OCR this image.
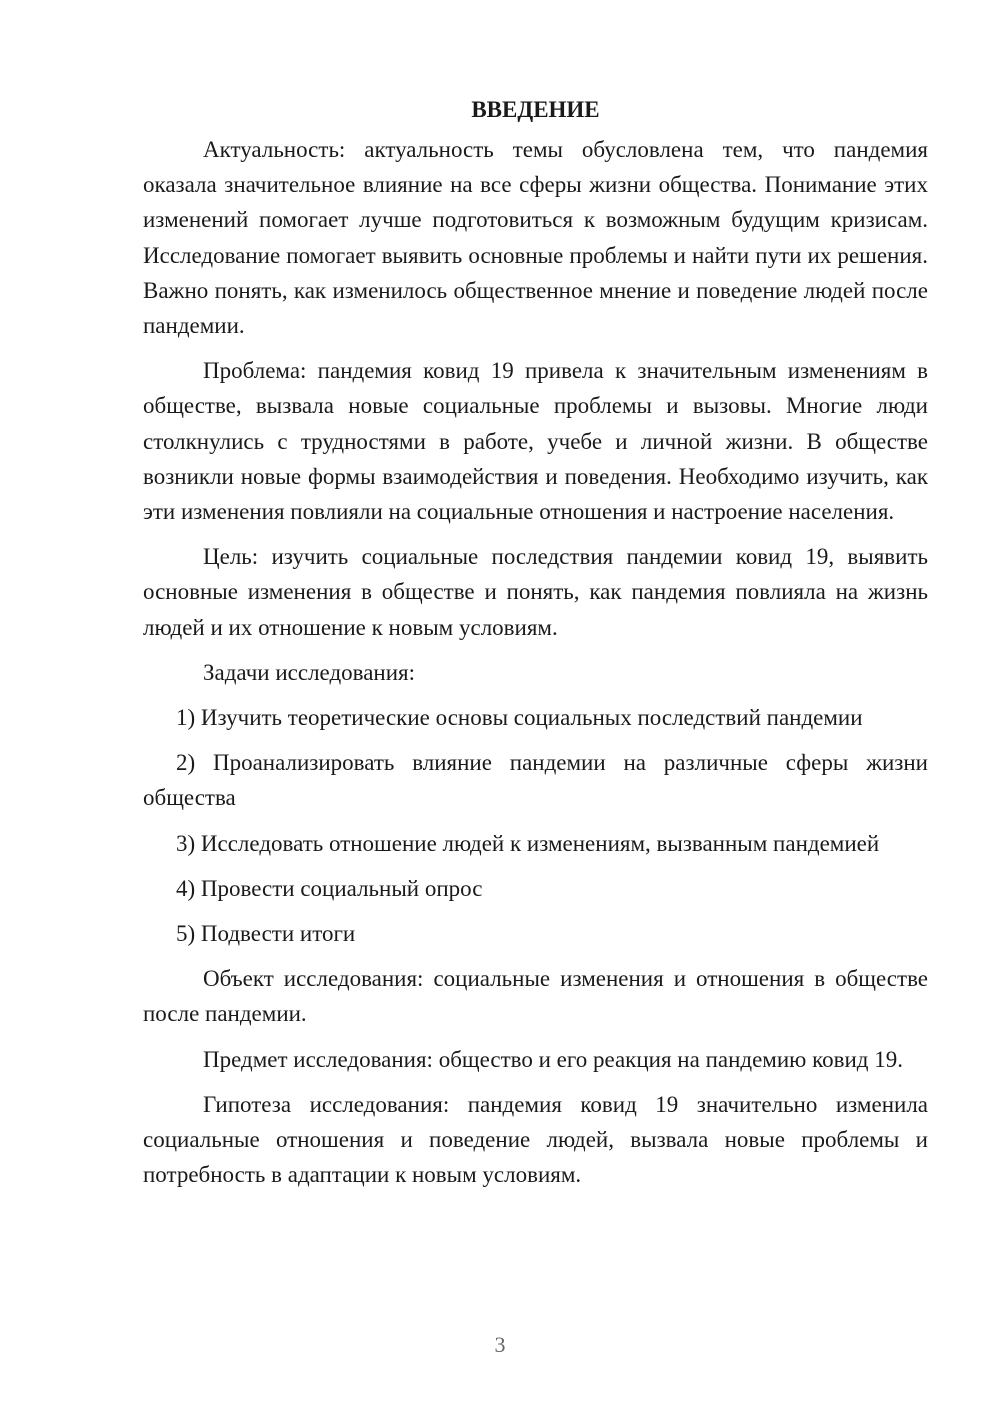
ВВЕДЕНИЕ

Актуальность: актуальность темы обусловлена тем, что пандемия оказала значительное влияние на все сферы жизни общества. Понимание этих изменений помогает лучше подготовиться к возможным будущим кризисам. Исследование помогает выявить основные проблемы и найти пути их решения. Важно понять, как изменилось общественное мнение и поведение людей после пандемии.

Проблема: пандемия ковид 19 привела к значительным изменениям в обществе, вызвала новые социальные проблемы и вызовы. Многие люди столкнулись с трудностями в работе, учебе и личной жизни. В обществе возникли новые формы взаимодействия и поведения. Необходимо изучить, как эти изменения повлияли на социальные отношения и настроение населения.

Цель: изучить социальные последствия пандемии ковид 19, выявить основные изменения в обществе и понять, как пандемия повлияла на жизнь людей и их отношение к новым условиям.

Задачи исследования:

1) Изучить теоретические основы социальных последствий пандемии

2) Проанализировать влияние пандемии на различные сферы жизни общества

3) Исследовать отношение людей к изменениям, вызванным пандемией

4) Провести социальный опрос

5) Подвести итоги

Объект исследования: социальные изменения и отношения в обществе после пандемии.

Предмет исследования: общество и его реакция на пандемию ковид 19.

Гипотеза исследования: пандемия ковид 19 значительно изменила социальные отношения и поведение людей, вызвала новые проблемы и потребность в адаптации к новым условиям.

3
